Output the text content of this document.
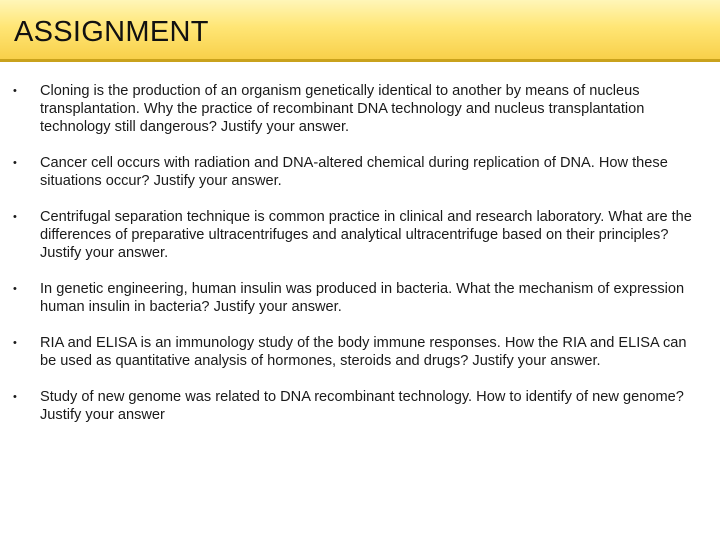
ASSIGNMENT
• Cloning is the production of an organism genetically identical to another by means of nucleus transplantation. Why the practice of recombinant DNA technology and nucleus transplantation technology still dangerous? Justify your answer.
• Cancer cell occurs with radiation and DNA-altered chemical during replication of DNA. How these situations occur? Justify your answer.
• Centrifugal separation technique is common practice in clinical and research laboratory. What are the differences of preparative ultracentrifuges and analytical ultracentrifuge based on their principles? Justify your answer.
• In genetic engineering, human insulin was produced in bacteria. What the mechanism of expression human insulin in bacteria? Justify your answer.
• RIA and ELISA is an immunology study of the body immune responses. How the RIA and ELISA can be used as quantitative analysis of hormones, steroids and drugs? Justify your answer.
• Study of new genome was related to DNA recombinant technology. How to identify of new genome? Justify your answer
